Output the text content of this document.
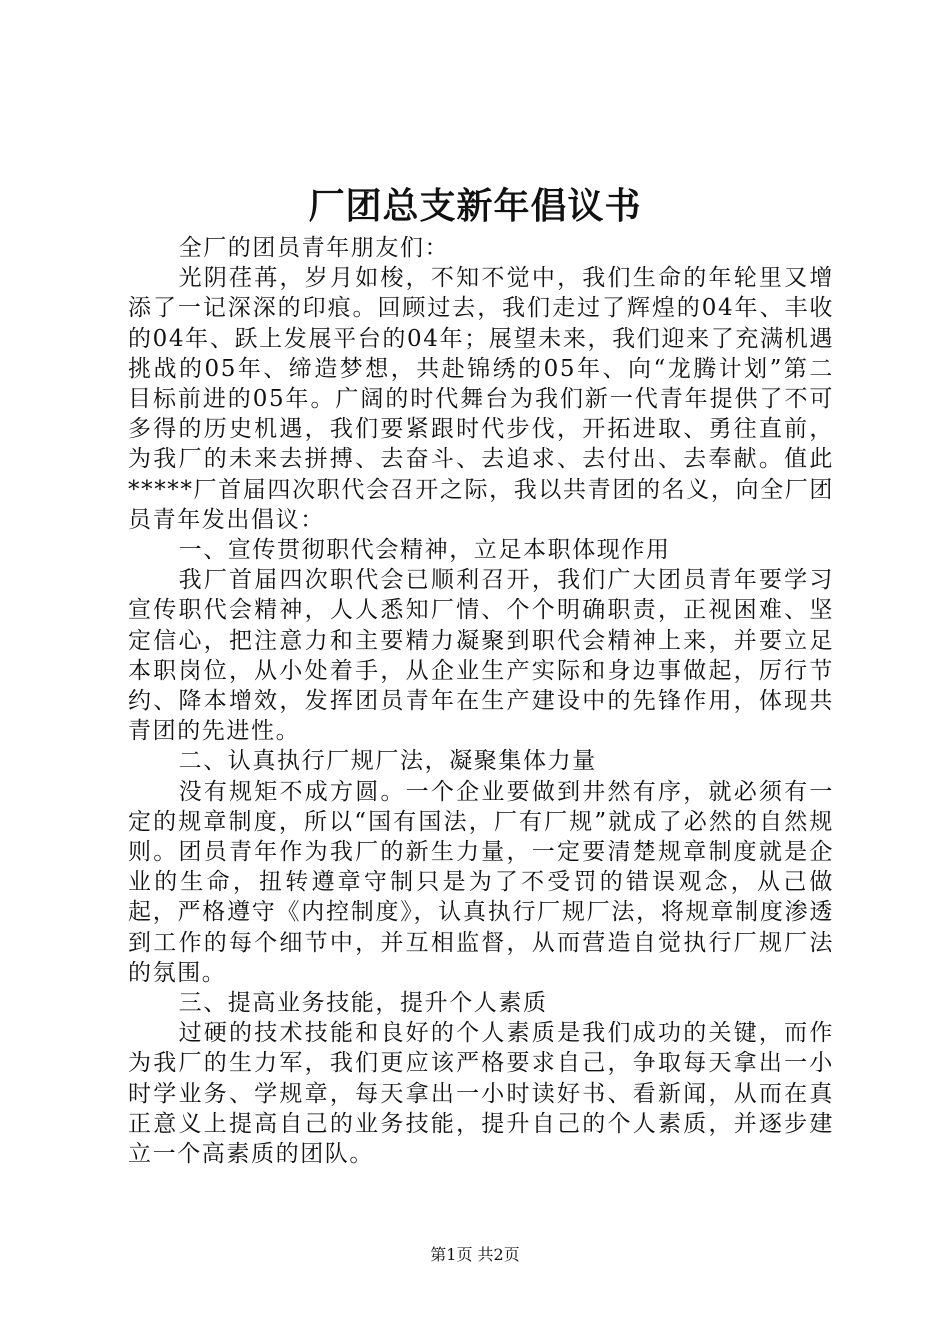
厂团总支新年倡议书

全厂的团员青年朋友们：

光阴荏苒，岁月如梭，不知不觉中，我们生命的年轮里又增添了一记深深的印痕。回顾过去，我们走过了辉煌的04年、丰收的04年、跃上发展平台的04年；展望未来，我们迎来了充满机遇挑战的05年、缔造梦想，共赴锦绣的05年、向“龙腾计划”第二目标前进的05年。广阔的时代舞台为我们新一代青年提供了不可多得的历史机遇，我们要紧跟时代步伐，开拓进取、勇往直前，为我厂的未来去拼搏、去奋斗、去追求、去付出、去奉献。值此*****厂首届四次职代会召开之际，我以共青团的名义，向全厂团员青年发出倡议：

一、宣传贯彻职代会精神，立足本职体现作用

我厂首届四次职代会已顺利召开，我们广大团员青年要学习宣传职代会精神，人人悉知厂情、个个明确职责，正视困难、坚定信心，把注意力和主要精力凝聚到职代会精神上来，并要立足本职岗位，从小处着手，从企业生产实际和身边事做起，厉行节约、降本增效，发挥团员青年在生产建设中的先锋作用，体现共青团的先进性。

二、认真执行厂规厂法，凝聚集体力量

没有规矩不成方圆。一个企业要做到井然有序，就必须有一定的规章制度，所以“国有国法，厂有厂规”就成了必然的自然规则。团员青年作为我厂的新生力量，一定要清楚规章制度就是企业的生命，扭转遵章守制只是为了不受罚的错误观念，从己做起，严格遵守《内控制度》，认真执行厂规厂法，将规章制度渗透到工作的每个细节中，并互相监督，从而营造自觉执行厂规厂法的氛围。

三、提高业务技能，提升个人素质

过硬的技术技能和良好的个人素质是我们成功的关键，而作为我厂的生力军，我们更应该严格要求自己，争取每天拿出一小时学业务、学规章，每天拿出一小时读好书、看新闻，从而在真正意义上提高自己的业务技能，提升自己的个人素质，并逐步建立一个高素质的团队。

第1页 共2页
